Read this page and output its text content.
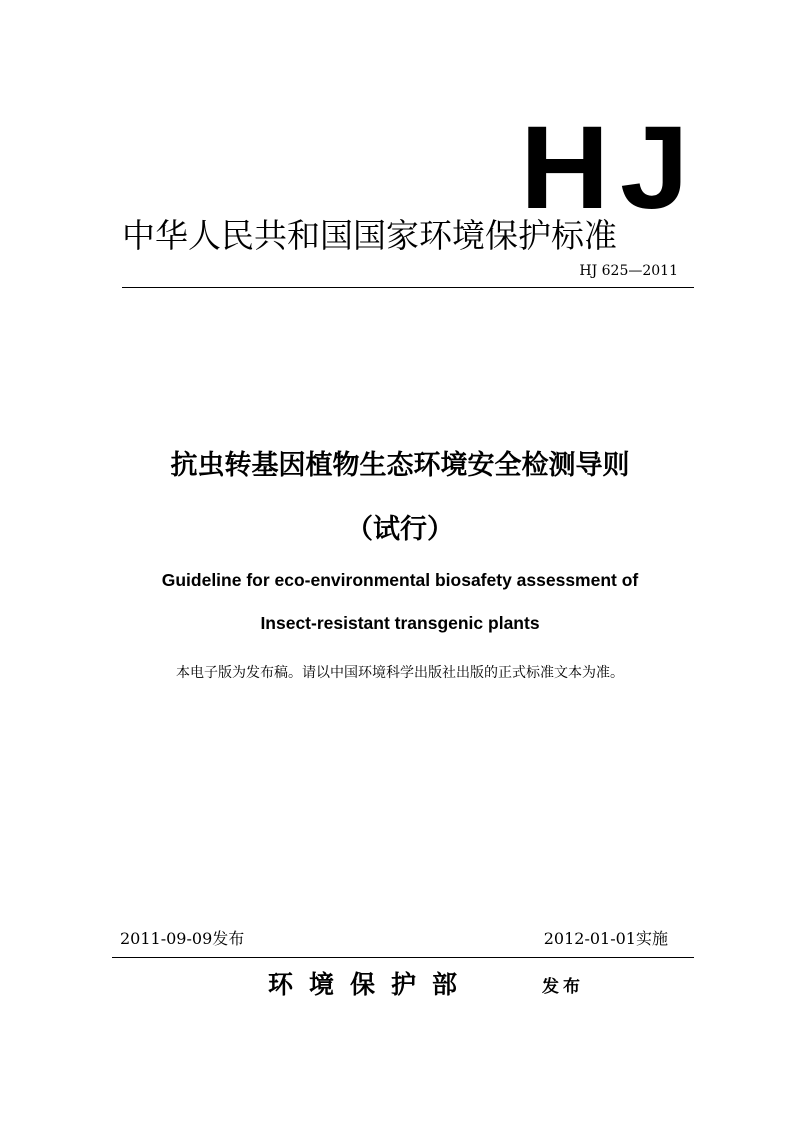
HJ
中华人民共和国国家环境保护标准
HJ 625—2011
抗虫转基因植物生态环境安全检测导则
（试行）
Guideline for eco-environmental biosafety assessment of
Insect-resistant transgenic plants
本电子版为发布稿。请以中国环境科学出版社出版的正式标准文本为准。
2011-09-09发布	2012-01-01实施
环境保护部	发布
